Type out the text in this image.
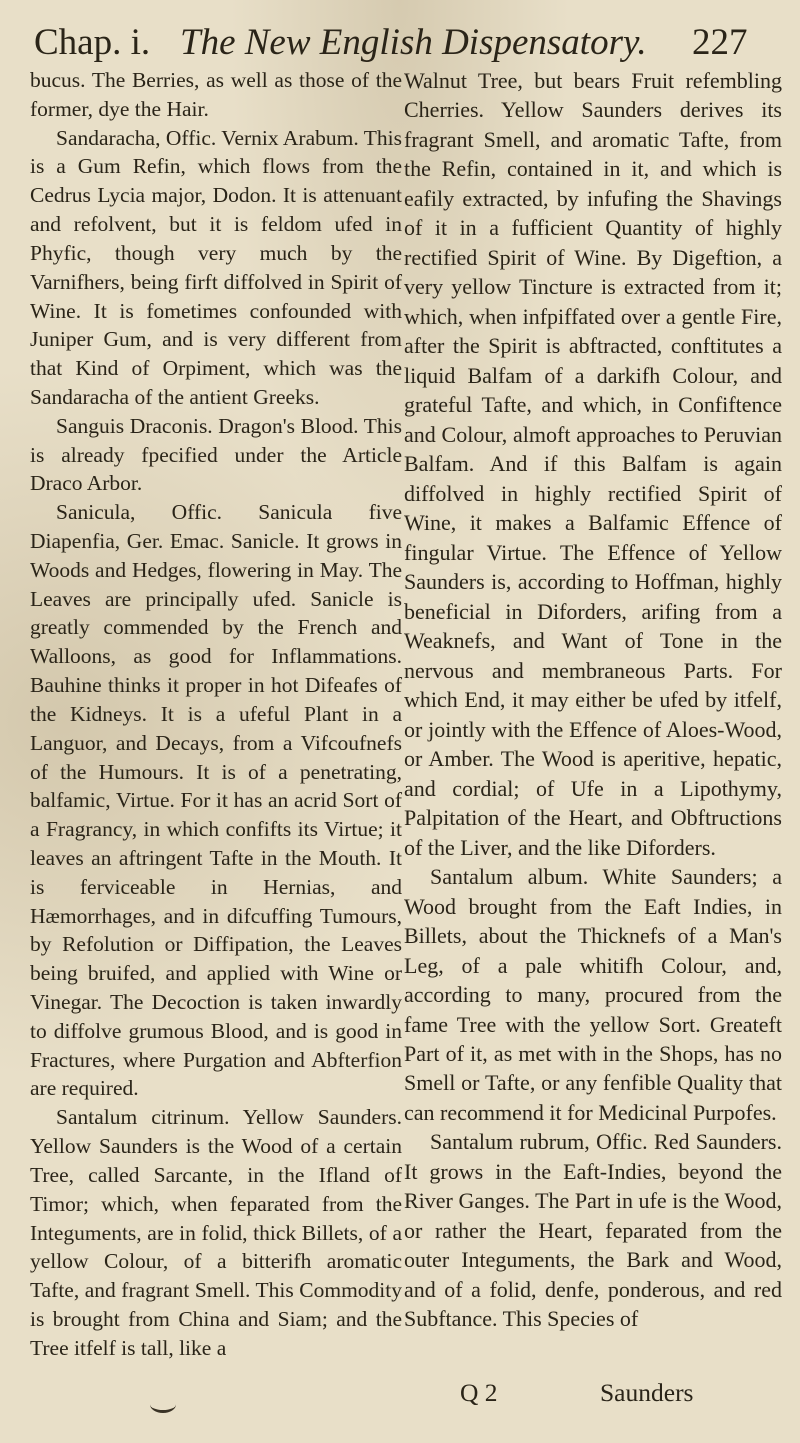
Chap. i. The New English Dispensatory. 227

bucus. The Berries, as well as those of the former, dye the Hair.

Sandaracha, Offic. Vernix Arabum. This is a Gum Refin, which flows from the Cedrus Lycia major, Dodon. It is attenuant and refolvent, but it is feldom ufed in Phyfic, though very much by the Varnifhers, being firft diffolved in Spirit of Wine. It is fometimes confounded with Juniper Gum, and is very different from that Kind of Orpiment, which was the Sandaracha of the antient Greeks.

Sanguis Draconis. Dragon's Blood. This is already fpecified under the Article Draco Arbor.

Sanicula, Offic. Sanicula five Diapenfia, Ger. Emac. Sanicle. It grows in Woods and Hedges, flowering in May. The Leaves are principally ufed. Sanicle is greatly commended by the French and Walloons, as good for Inflammations. Bauhine thinks it proper in hot Difeafes of the Kidneys. It is a ufeful Plant in a Languor, and Decays, from a Vifcoufnefs of the Humours. It is of a penetrating, balfamic, Virtue. For it has an acrid Sort of a Fragrancy, in which confifts its Virtue; it leaves an aftringent Tafte in the Mouth. It is ferviceable in Hernias, and Hæmorrhages, and in difcuffing Tumours, by Refolution or Diffipation, the Leaves being bruifed, and applied with Wine or Vinegar. The Decoction is taken inwardly to diffolve grumous Blood, and is good in Fractures, where Purgation and Abfterfion are required.

Santalum citrinum. Yellow Saunders. Yellow Saunders is the Wood of a certain Tree, called Sarcante, in the Ifland of Timor; which, when feparated from the Integuments, are in folid, thick Billets, of a yellow Colour, of a bitterifh aromatic Tafte, and fragrant Smell. This Commodity is brought from China and Siam; and the Tree itfelf is tall, like a

Walnut Tree, but bears Fruit refembling Cherries. Yellow Saunders derives its fragrant Smell, and aromatic Tafte, from the Refin, contained in it, and which is eafily extracted, by infufing the Shavings of it in a fufficient Quantity of highly rectified Spirit of Wine. By Digeftion, a very yellow Tincture is extracted from it; which, when infpiffated over a gentle Fire, after the Spirit is abftracted, conftitutes a liquid Balfam of a darkifh Colour, and grateful Tafte, and which, in Confiftence and Colour, almoft approaches to Peruvian Balfam. And if this Balfam is again diffolved in highly rectified Spirit of Wine, it makes a Balfamic Effence of fingular Virtue. The Effence of Yellow Saunders is, according to Hoffman, highly beneficial in Diforders, arifing from a Weaknefs, and Want of Tone in the nervous and membraneous Parts. For which End, it may either be ufed by itfelf, or jointly with the Effence of Aloes-Wood, or Amber. The Wood is aperitive, hepatic, and cordial; of Ufe in a Lipothymy, Palpitation of the Heart, and Obftructions of the Liver, and the like Diforders.

Santalum album. White Saunders; a Wood brought from the Eaft Indies, in Billets, about the Thicknefs of a Man's Leg, of a pale whitifh Colour, and, according to many, procured from the fame Tree with the yellow Sort. Greateft Part of it, as met with in the Shops, has no Smell or Tafte, or any fenfible Quality that can recommend it for Medicinal Purpofes.

Santalum rubrum, Offic. Red Saunders. It grows in the Eaft-Indies, beyond the River Ganges. The Part in ufe is the Wood, or rather the Heart, feparated from the outer Integuments, the Bark and Wood, and of a folid, denfe, ponderous, and red Subftance. This Species of

Q 2	Saunders
